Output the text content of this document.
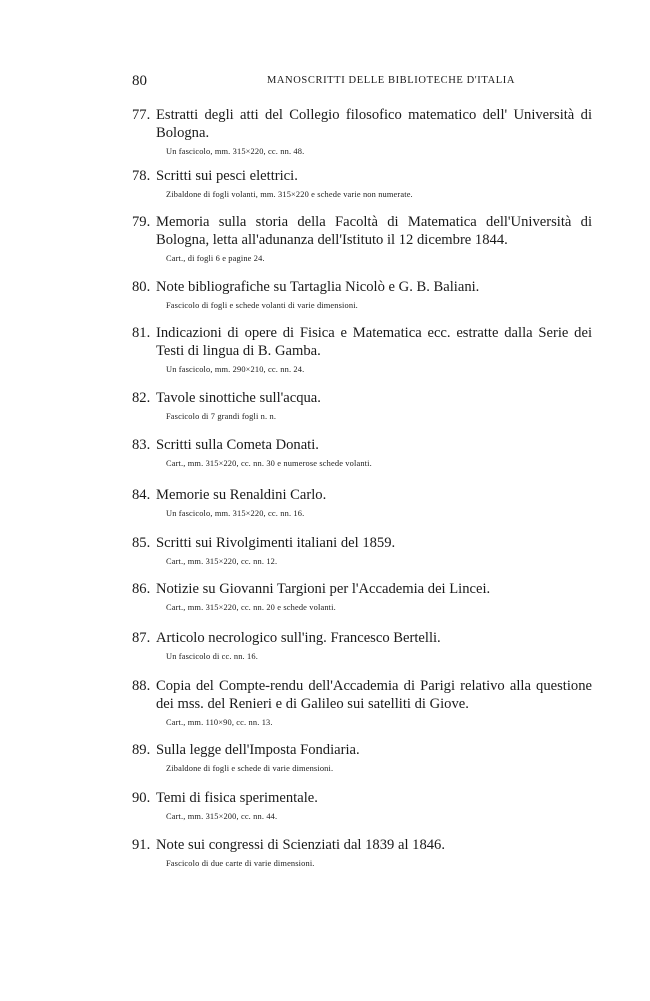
80	MANOSCRITTI DELLE BIBLIOTECHE D'ITALIA
77. Estratti degli atti del Collegio filosofico matematico dell' Università di Bologna.
Un fascicolo, mm. 315×220, cc. nn. 48.
78. Scritti sui pesci elettrici.
Zibaldone di fogli volanti, mm. 315×220 e schede varie non numerate.
79. Memoria sulla storia della Facoltà di Matematica dell'Università di Bologna, letta all'adunanza dell'Istituto il 12 dicembre 1844.
Cart., di fogli 6 e pagine 24.
80. Note bibliografiche su Tartaglia Nicolò e G. B. Baliani.
Fascicolo di fogli e schede volanti di varie dimensioni.
81. Indicazioni di opere di Fisica e Matematica ecc. estratte dalla Serie dei Testi di lingua di B. Gamba.
Un fascicolo, mm. 290×210, cc. nn. 24.
82. Tavole sinottiche sull'acqua.
Fascicolo di 7 grandi fogli n. n.
83. Scritti sulla Cometa Donati.
Cart., mm. 315×220, cc. nn. 30 e numerose schede volanti.
84. Memorie su Renaldini Carlo.
Un fascicolo, mm. 315×220, cc. nn. 16.
85. Scritti sui Rivolgimenti italiani del 1859.
Cart., mm. 315×220, cc. nn. 12.
86. Notizie su Giovanni Targioni per l'Accademia dei Lincei.
Cart., mm. 315×220, cc. nn. 20 e schede volanti.
87. Articolo necrologico sull'ing. Francesco Bertelli.
Un fascicolo di cc. nn. 16.
88. Copia del Compte-rendu dell'Accademia di Parigi relativo alla questione dei mss. del Renieri e di Galileo sui satelliti di Giove.
Cart., mm. 110×90, cc. nn. 13.
89. Sulla legge dell'Imposta Fondiaria.
Zibaldone di fogli e schede di varie dimensioni.
90. Temi di fisica sperimentale.
Cart., mm. 315×200, cc. nn. 44.
91. Note sui congressi di Scienziati dal 1839 al 1846.
Fascicolo di due carte di varie dimensioni.
